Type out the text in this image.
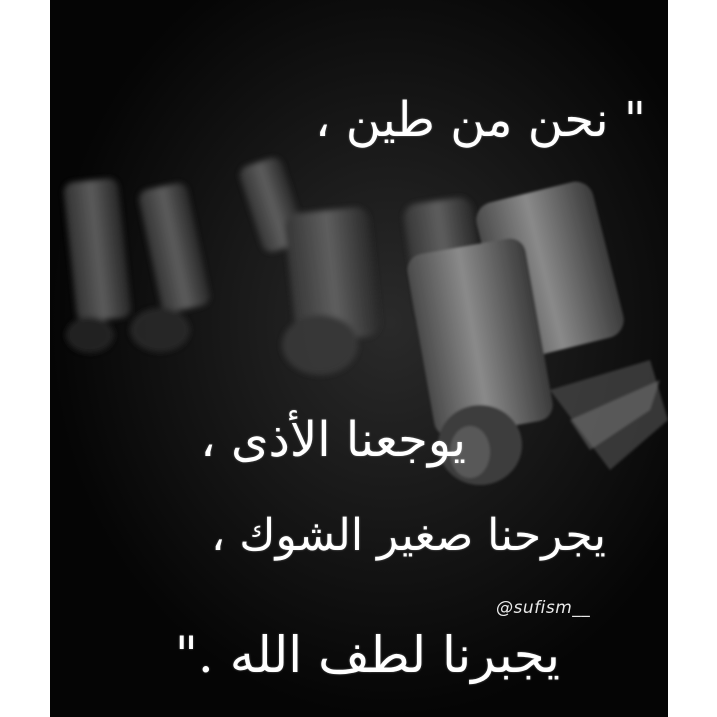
" نحن من طين ،
يوجعنا الأذى ،
يجرحنا صغير الشوك ،
@sufism__
يجبرنا لطف الله ."
